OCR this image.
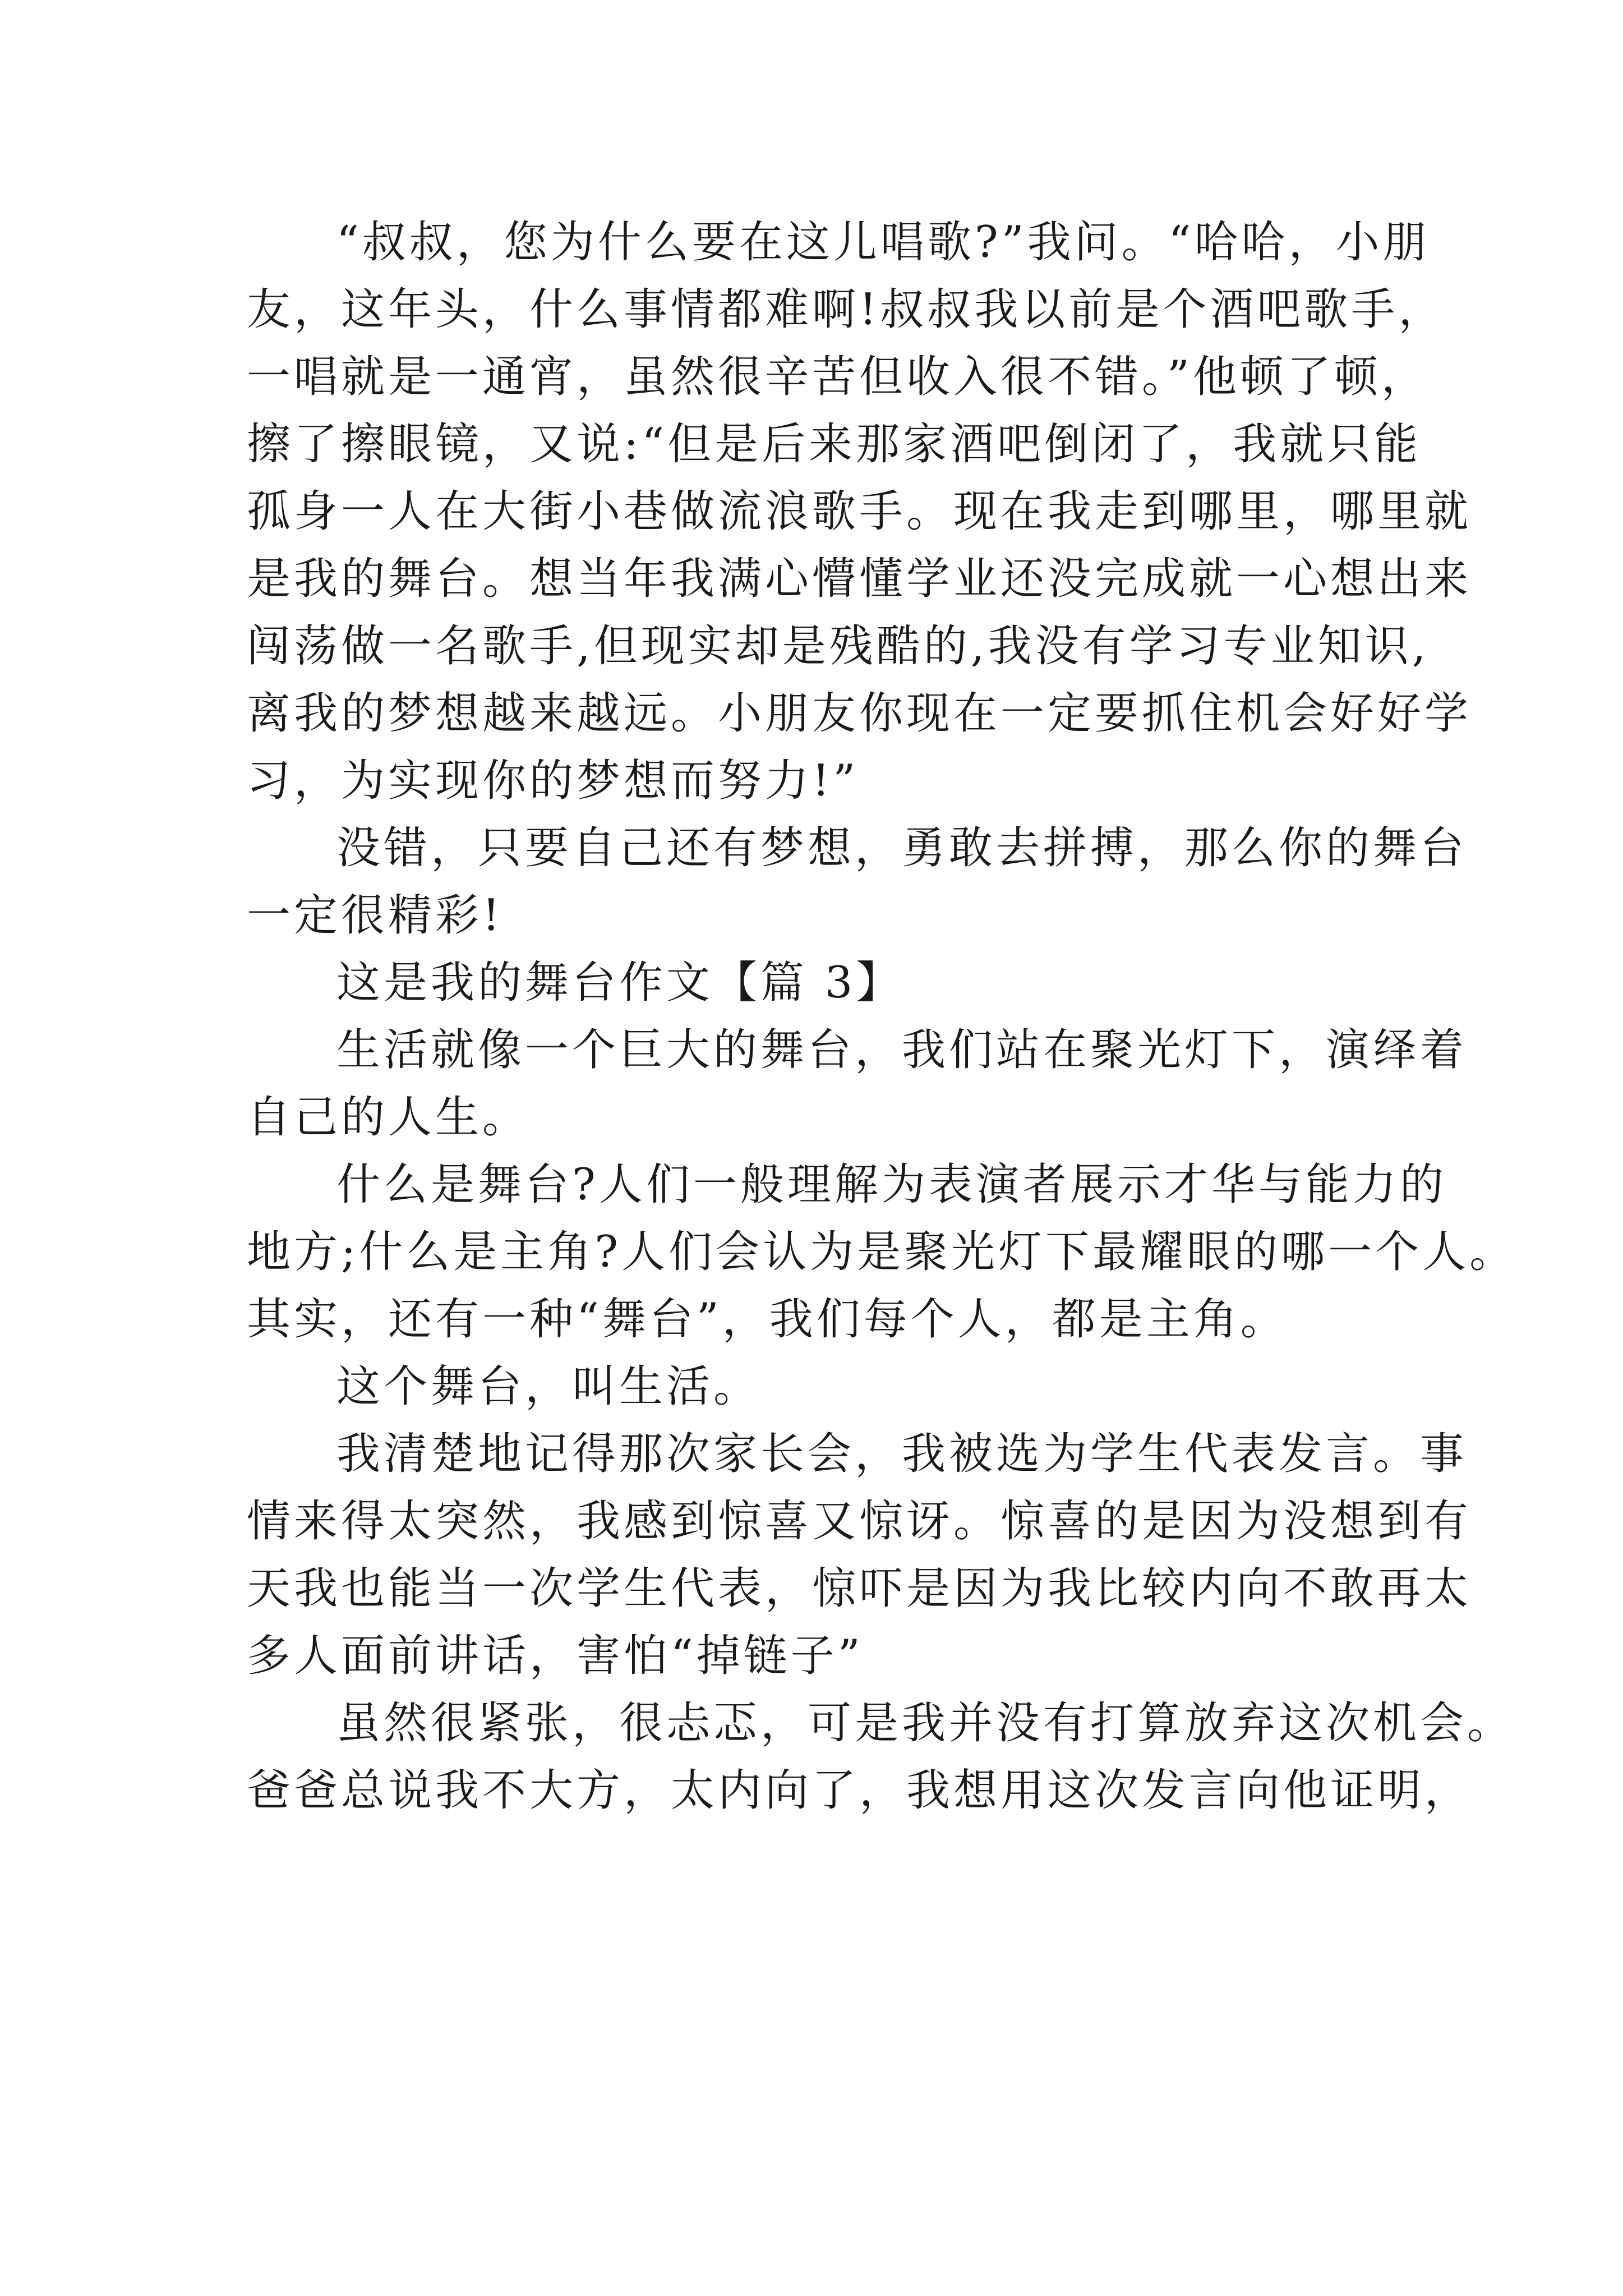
“叔叔，您为什么要在这儿唱歌?”我问。“哈哈，小朋
友，这年头，什么事情都难啊!叔叔我以前是个酒吧歌手，
一唱就是一通宵，虽然很辛苦但收入很不错。”他顿了顿，
擦了擦眼镜，又说:“但是后来那家酒吧倒闭了，我就只能
孤身一人在大街小巷做流浪歌手。现在我走到哪里，哪里就
是我的舞台。想当年我满心懵懂学业还没完成就一心想出来
闯荡做一名歌手,但现实却是残酷的,我没有学习专业知识,
离我的梦想越来越远。小朋友你现在一定要抓住机会好好学
习，为实现你的梦想而努力!”
没错，只要自己还有梦想，勇敢去拼搏，那么你的舞台
一定很精彩!
这是我的舞台作文【篇 3】
生活就像一个巨大的舞台，我们站在聚光灯下，演绎着
自己的人生。
什么是舞台?人们一般理解为表演者展示才华与能力的
地方;什么是主角?人们会认为是聚光灯下最耀眼的哪一个人。
其实，还有一种“舞台”，我们每个人，都是主角。
这个舞台，叫生活。
我清楚地记得那次家长会，我被选为学生代表发言。事
情来得太突然，我感到惊喜又惊讶。惊喜的是因为没想到有
天我也能当一次学生代表，惊吓是因为我比较内向不敢再太
多人面前讲话，害怕“掉链子”
虽然很紧张，很忐忑，可是我并没有打算放弃这次机会。
爸爸总说我不大方，太内向了，我想用这次发言向他证明，
